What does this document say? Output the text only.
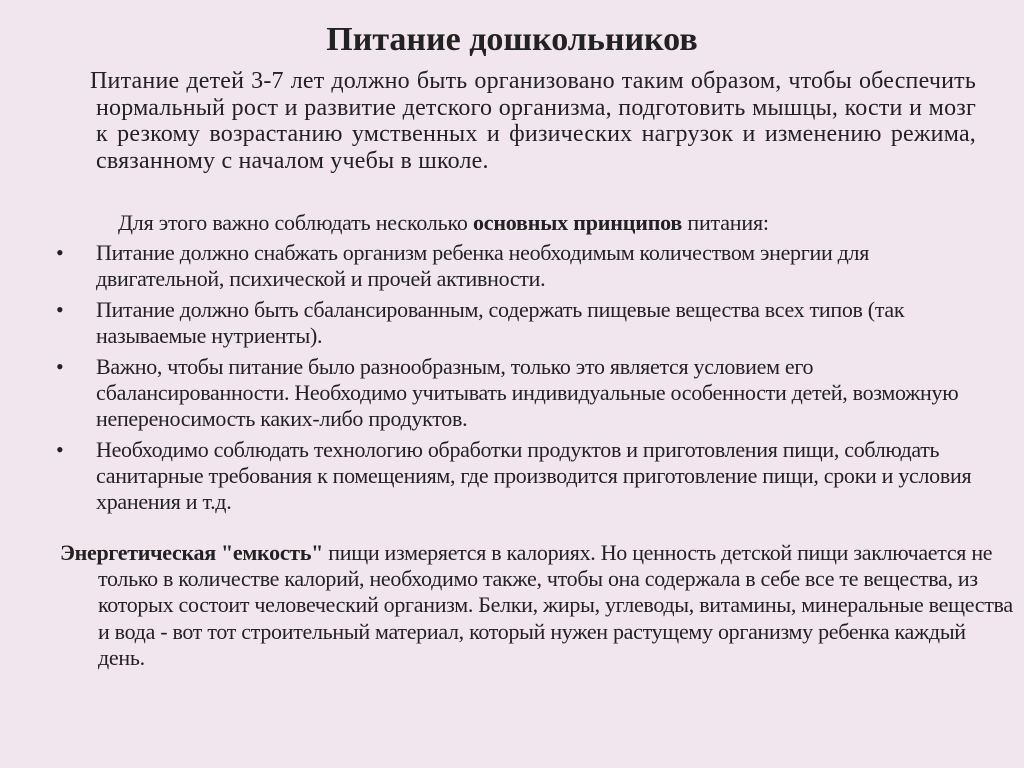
Питание дошкольников

Питание детей 3-7 лет должно быть организовано таким образом, чтобы обеспечить нормальный рост и развитие детского организма, подготовить мышцы, кости и мозг к резкому возрастанию умственных и физических нагрузок и изменению режима, связанному с началом учебы в школе.

Для этого важно соблюдать несколько основных принципов питания:

•	Питание должно снабжать организм ребенка необходимым количеством энергии для двигательной, психической и прочей активности.
•	Питание должно быть сбалансированным, содержать пищевые вещества всех типов (так называемые нутриенты).
•	Важно, чтобы питание было разнообразным, только это является условием его сбалансированности. Необходимо учитывать индивидуальные особенности детей, возможную непереносимость каких-либо продуктов.
•	Необходимо соблюдать технологию обработки продуктов и приготовления пищи, соблюдать санитарные требования к помещениям, где производится приготовление пищи, сроки и условия хранения и т.д.

Энергетическая "емкость" пищи измеряется в калориях. Но ценность детской пищи заключается не только в количестве калорий, необходимо также, чтобы она содержала в себе все те вещества, из которых состоит человеческий организм. Белки, жиры, углеводы, витамины, минеральные вещества и вода - вот тот строительный материал, который нужен растущему организму ребенка каждый день.
